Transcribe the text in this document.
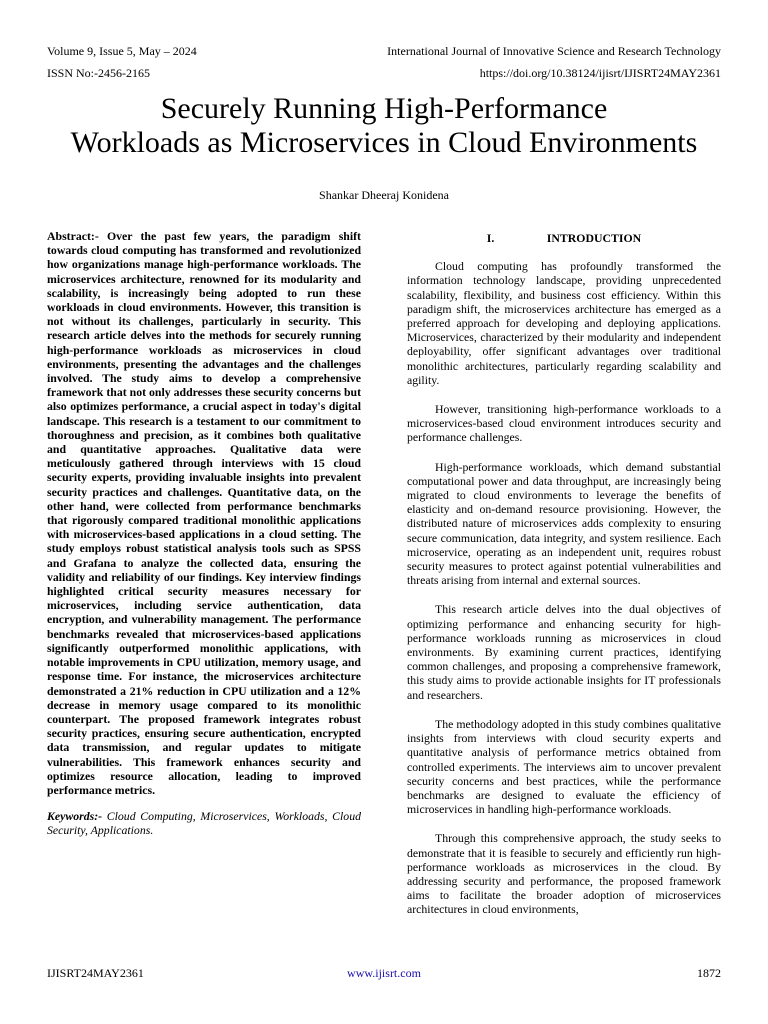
Volume 9, Issue 5, May – 2024	International Journal of Innovative Science and Research Technology
ISSN No:-2456-2165	https://doi.org/10.38124/ijisrt/IJISRT24MAY2361
Securely Running High-Performance
Workloads as Microservices in Cloud Environments
Shankar Dheeraj Konidena

Abstract:- Over the past few years, the paradigm shift towards cloud computing has transformed and revolutionized how organizations manage high-performance workloads. The microservices architecture, renowned for its modularity and scalability, is increasingly being adopted to run these workloads in cloud environments. However, this transition is not without its challenges, particularly in security. This research article delves into the methods for securely running high-performance workloads as microservices in cloud environments, presenting the advantages and the challenges involved. The study aims to develop a comprehensive framework that not only addresses these security concerns but also optimizes performance, a crucial aspect in today's digital landscape. This research is a testament to our commitment to thoroughness and precision, as it combines both qualitative and quantitative approaches. Qualitative data were meticulously gathered through interviews with 15 cloud security experts, providing invaluable insights into prevalent security practices and challenges. Quantitative data, on the other hand, were collected from performance benchmarks that rigorously compared traditional monolithic applications with microservices-based applications in a cloud setting. The study employs robust statistical analysis tools such as SPSS and Grafana to analyze the collected data, ensuring the validity and reliability of our findings. Key interview findings highlighted critical security measures necessary for microservices, including service authentication, data encryption, and vulnerability management. The performance benchmarks revealed that microservices-based applications significantly outperformed monolithic applications, with notable improvements in CPU utilization, memory usage, and response time. For instance, the microservices architecture demonstrated a 21% reduction in CPU utilization and a 12% decrease in memory usage compared to its monolithic counterpart. The proposed framework integrates robust security practices, ensuring secure authentication, encrypted data transmission, and regular updates to mitigate vulnerabilities. This framework enhances security and optimizes resource allocation, leading to improved performance metrics.

Keywords:- Cloud Computing, Microservices, Workloads, Cloud Security, Applications.

I.	INTRODUCTION

Cloud computing has profoundly transformed the information technology landscape, providing unprecedented scalability, flexibility, and business cost efficiency. Within this paradigm shift, the microservices architecture has emerged as a preferred approach for developing and deploying applications. Microservices, characterized by their modularity and independent deployability, offer significant advantages over traditional monolithic architectures, particularly regarding scalability and agility.

However, transitioning high-performance workloads to a microservices-based cloud environment introduces security and performance challenges.

High-performance workloads, which demand substantial computational power and data throughput, are increasingly being migrated to cloud environments to leverage the benefits of elasticity and on-demand resource provisioning. However, the distributed nature of microservices adds complexity to ensuring secure communication, data integrity, and system resilience. Each microservice, operating as an independent unit, requires robust security measures to protect against potential vulnerabilities and threats arising from internal and external sources.

This research article delves into the dual objectives of optimizing performance and enhancing security for high-performance workloads running as microservices in cloud environments. By examining current practices, identifying common challenges, and proposing a comprehensive framework, this study aims to provide actionable insights for IT professionals and researchers.

The methodology adopted in this study combines qualitative insights from interviews with cloud security experts and quantitative analysis of performance metrics obtained from controlled experiments. The interviews aim to uncover prevalent security concerns and best practices, while the performance benchmarks are designed to evaluate the efficiency of microservices in handling high-performance workloads.

Through this comprehensive approach, the study seeks to demonstrate that it is feasible to securely and efficiently run high-performance workloads as microservices in the cloud. By addressing security and performance, the proposed framework aims to facilitate the broader adoption of microservices architectures in cloud environments,

IJISRT24MAY2361	www.ijisrt.com	1872
